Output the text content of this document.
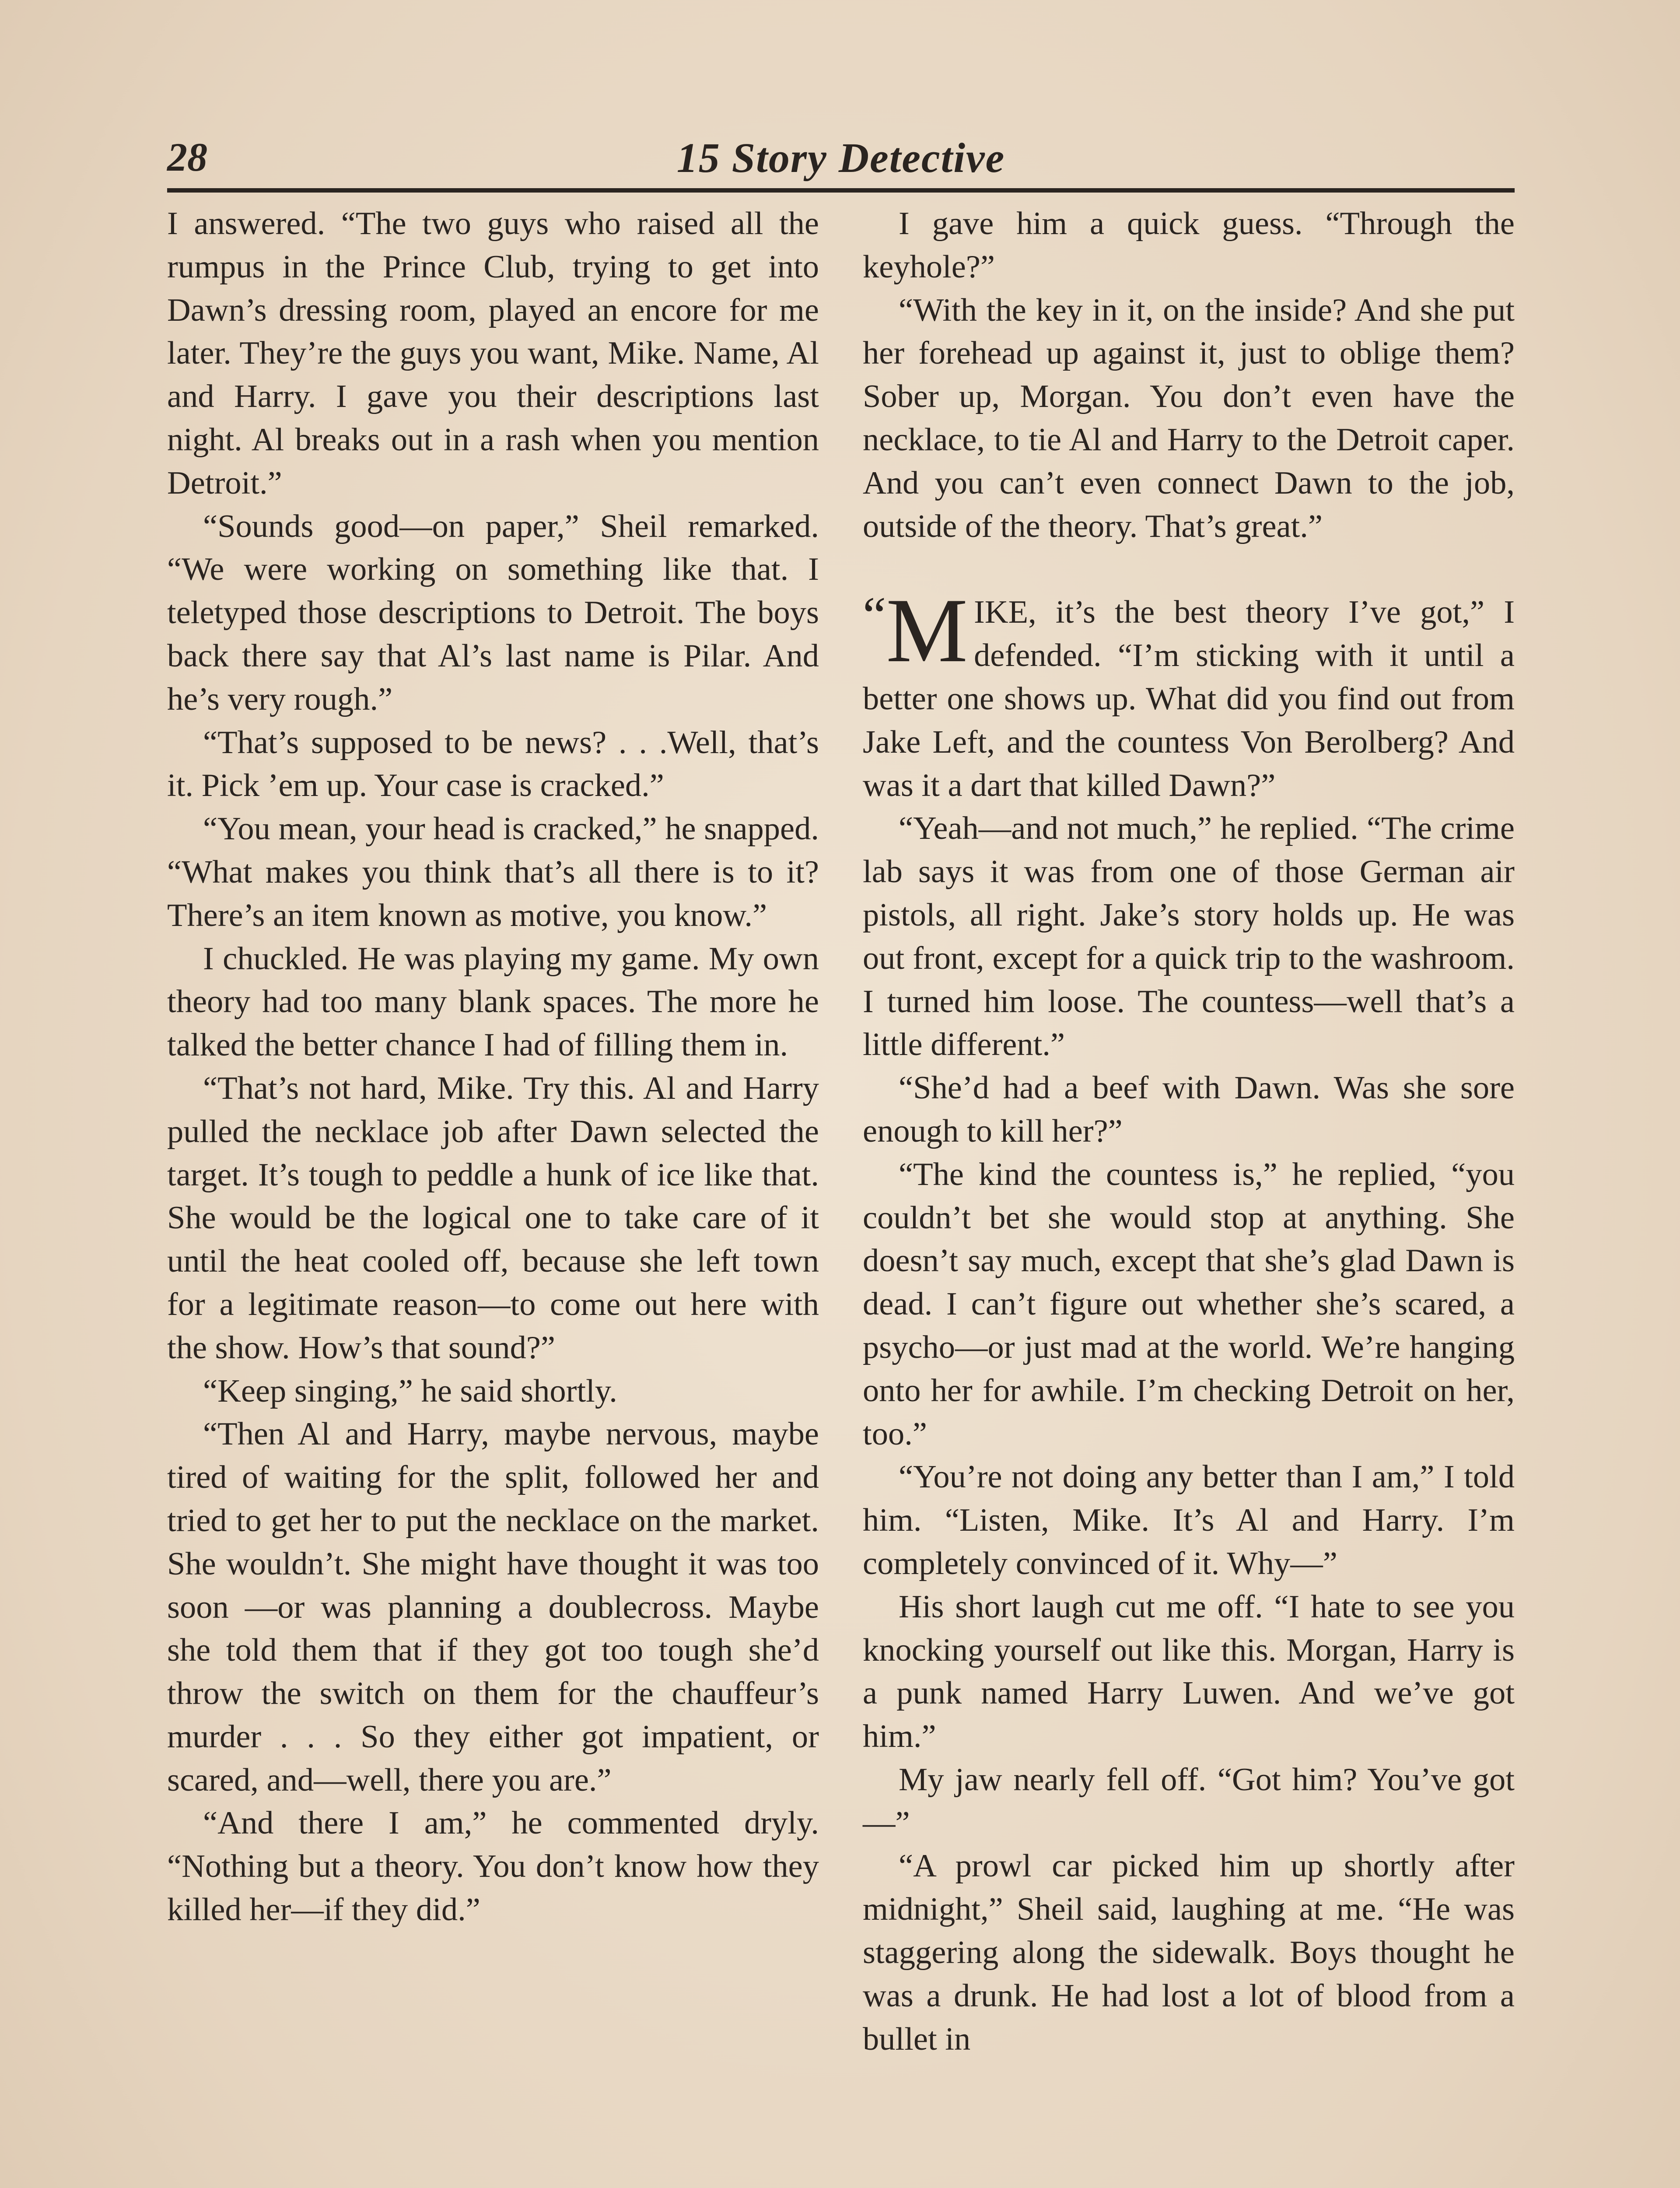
28	15 Story Detective

I answered. “The two guys who raised all the rumpus in the Prince Club, trying to get into Dawn’s dressing room, played an encore for me later. They’re the guys you want, Mike. Name, Al and Harry. I gave you their descriptions last night. Al breaks out in a rash when you mention Detroit.”

“Sounds good—on paper,” Sheil remarked. “We were working on something like that. I teletyped those descriptions to Detroit. The boys back there say that Al’s last name is Pilar. And he’s very rough.”

“That’s supposed to be news? . . .Well, that’s it. Pick ’em up. Your case is cracked.”

“You mean, your head is cracked,” he snapped. “What makes you think that’s all there is to it? There’s an item known as motive, you know.”

I chuckled. He was playing my game. My own theory had too many blank spaces. The more he talked the better chance I had of filling them in.

“That’s not hard, Mike. Try this. Al and Harry pulled the necklace job after Dawn selected the target. It’s tough to peddle a hunk of ice like that. She would be the logical one to take care of it until the heat cooled off, because she left town for a legitimate reason—to come out here with the show. How’s that sound?”

“Keep singing,” he said shortly.

“Then Al and Harry, maybe nervous, maybe tired of waiting for the split, followed her and tried to get her to put the necklace on the market. She wouldn’t. She might have thought it was too soon —or was planning a doublecross. Maybe she told them that if they got too tough she’d throw the switch on them for the chauffeur’s murder . . . So they either got impatient, or scared, and—well, there you are.”

“And there I am,” he commented dryly. “Nothing but a theory. You don’t know how they killed her—if they did.”

I gave him a quick guess. “Through the keyhole?”

“With the key in it, on the inside? And she put her forehead up against it, just to oblige them? Sober up, Morgan. You don’t even have the necklace, to tie Al and Harry to the Detroit caper. And you can’t even connect Dawn to the job, outside of the theory. That’s great.”

“M IKE, it’s the best theory I’ve got,” I defended. “I’m sticking with it until a better one shows up. What did you find out from Jake Left, and the countess Von Berolberg? And was it a dart that killed Dawn?”

“Yeah—and not much,” he replied. “The crime lab says it was from one of those German air pistols, all right. Jake’s story holds up. He was out front, except for a quick trip to the washroom. I turned him loose. The countess—well that’s a little different.”

“She’d had a beef with Dawn. Was she sore enough to kill her?”

“The kind the countess is,” he replied, “you couldn’t bet she would stop at anything. She doesn’t say much, except that she’s glad Dawn is dead. I can’t figure out whether she’s scared, a psycho—or just mad at the world. We’re hanging onto her for awhile. I’m checking Detroit on her, too.”

“You’re not doing any better than I am,” I told him. “Listen, Mike. It’s Al and Harry. I’m completely convinced of it. Why—”

His short laugh cut me off. “I hate to see you knocking yourself out like this. Morgan, Harry is a punk named Harry Luwen. And we’ve got him.”

My jaw nearly fell off. “Got him? You’ve got—”

“A prowl car picked him up shortly after midnight,” Sheil said, laughing at me. “He was staggering along the sidewalk. Boys thought he was a drunk. He had lost a lot of blood from a bullet in
